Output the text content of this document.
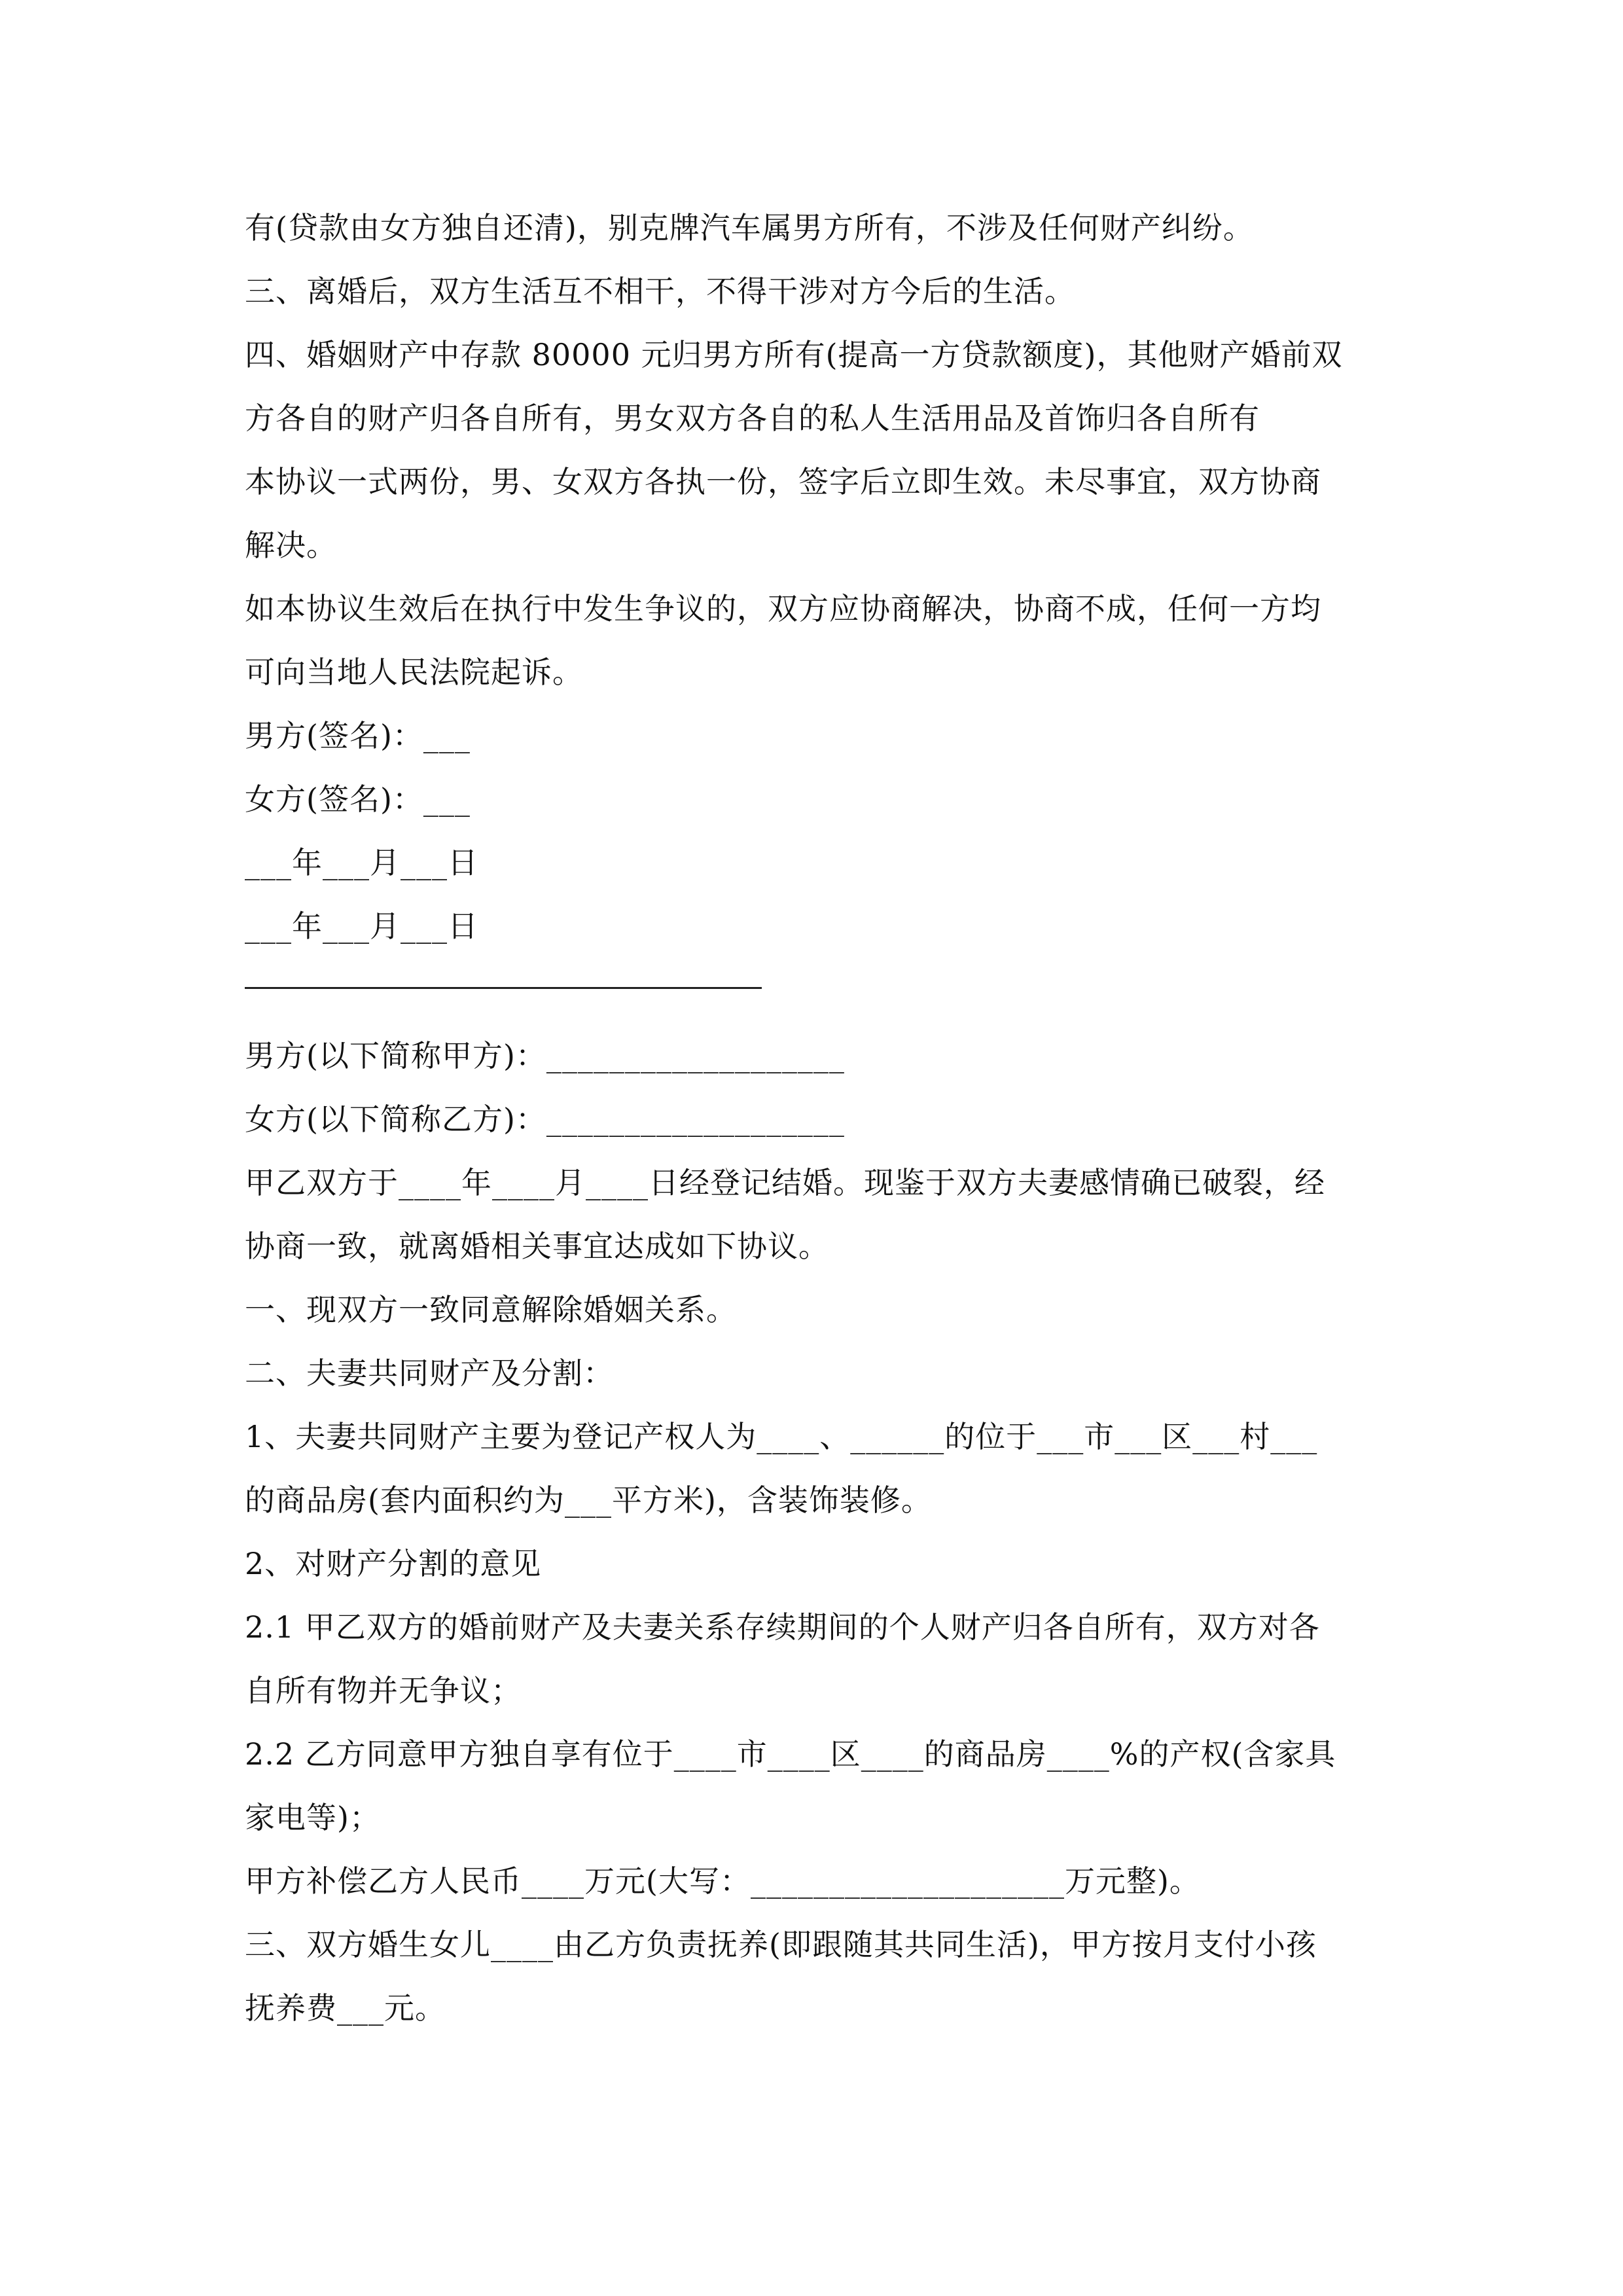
有(贷款由女方独自还清)，别克牌汽车属男方所有，不涉及任何财产纠纷。
三、离婚后，双方生活互不相干，不得干涉对方今后的生活。
四、婚姻财产中存款 80000 元归男方所有(提高一方贷款额度)，其他财产婚前双
方各自的财产归各自所有，男女双方各自的私人生活用品及首饰归各自所有
本协议一式两份，男、女双方各执一份，签字后立即生效。未尽事宜，双方协商
解决。
如本协议生效后在执行中发生争议的，双方应协商解决，协商不成，任何一方均
可向当地人民法院起诉。
男方(签名)：___
女方(签名)：___
___年___月___日
___年___月___日
男方(以下简称甲方)：___________________
女方(以下简称乙方)：___________________
甲乙双方于____年____月____日经登记结婚。现鉴于双方夫妻感情确已破裂，经
协商一致，就离婚相关事宜达成如下协议。
一、现双方一致同意解除婚姻关系。
二、夫妻共同财产及分割：
1、夫妻共同财产主要为登记产权人为____、______的位于___市___区___村___
的商品房(套内面积约为___平方米)，含装饰装修。
2、对财产分割的意见
2.1 甲乙双方的婚前财产及夫妻关系存续期间的个人财产归各自所有，双方对各
自所有物并无争议；
2.2 乙方同意甲方独自享有位于____市____区____的商品房____%的产权(含家具
家电等)；
甲方补偿乙方人民币____万元(大写：____________________万元整)。
三、双方婚生女儿____由乙方负责抚养(即跟随其共同生活)，甲方按月支付小孩
抚养费___元。
